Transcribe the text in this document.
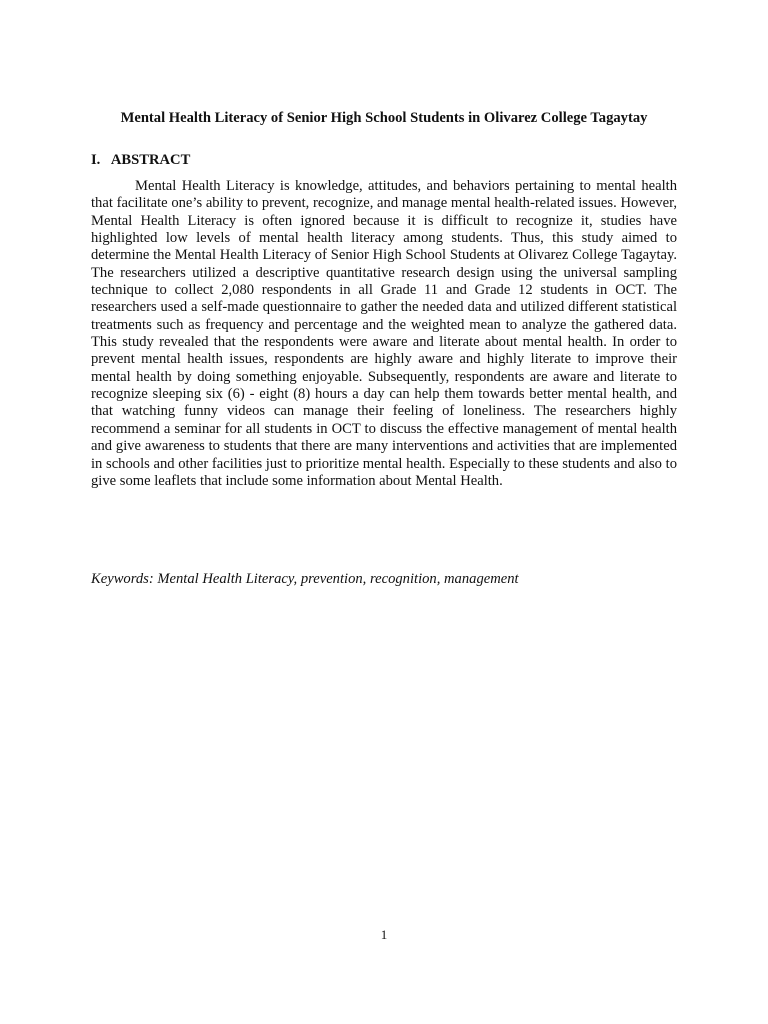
Mental Health Literacy of Senior High School Students in Olivarez College Tagaytay
I. ABSTRACT

Mental Health Literacy is knowledge, attitudes, and behaviors pertaining to mental health that facilitate one’s ability to prevent, recognize, and manage mental health-related issues. However, Mental Health Literacy is often ignored because it is difficult to recognize it, studies have highlighted low levels of mental health literacy among students. Thus, this study aimed to determine the Mental Health Literacy of Senior High School Students at Olivarez College Tagaytay. The researchers utilized a descriptive quantitative research design using the universal sampling technique to collect 2,080 respondents in all Grade 11 and Grade 12 students in OCT. The researchers used a self-made questionnaire to gather the needed data and utilized different statistical treatments such as frequency and percentage and the weighted mean to analyze the gathered data. This study revealed that the respondents were aware and literate about mental health. In order to prevent mental health issues, respondents are highly aware and highly literate to improve their mental health by doing something enjoyable. Subsequently, respondents are aware and literate to recognize sleeping six (6) - eight (8) hours a day can help them towards better mental health, and that watching funny videos can manage their feeling of loneliness. The researchers highly recommend a seminar for all students in OCT to discuss the effective management of mental health and give awareness to students that there are many interventions and activities that are implemented in schools and other facilities just to prioritize mental health. Especially to these students and also to give some leaflets that include some information about Mental Health.

Keywords: Mental Health Literacy, prevention, recognition, management
1
